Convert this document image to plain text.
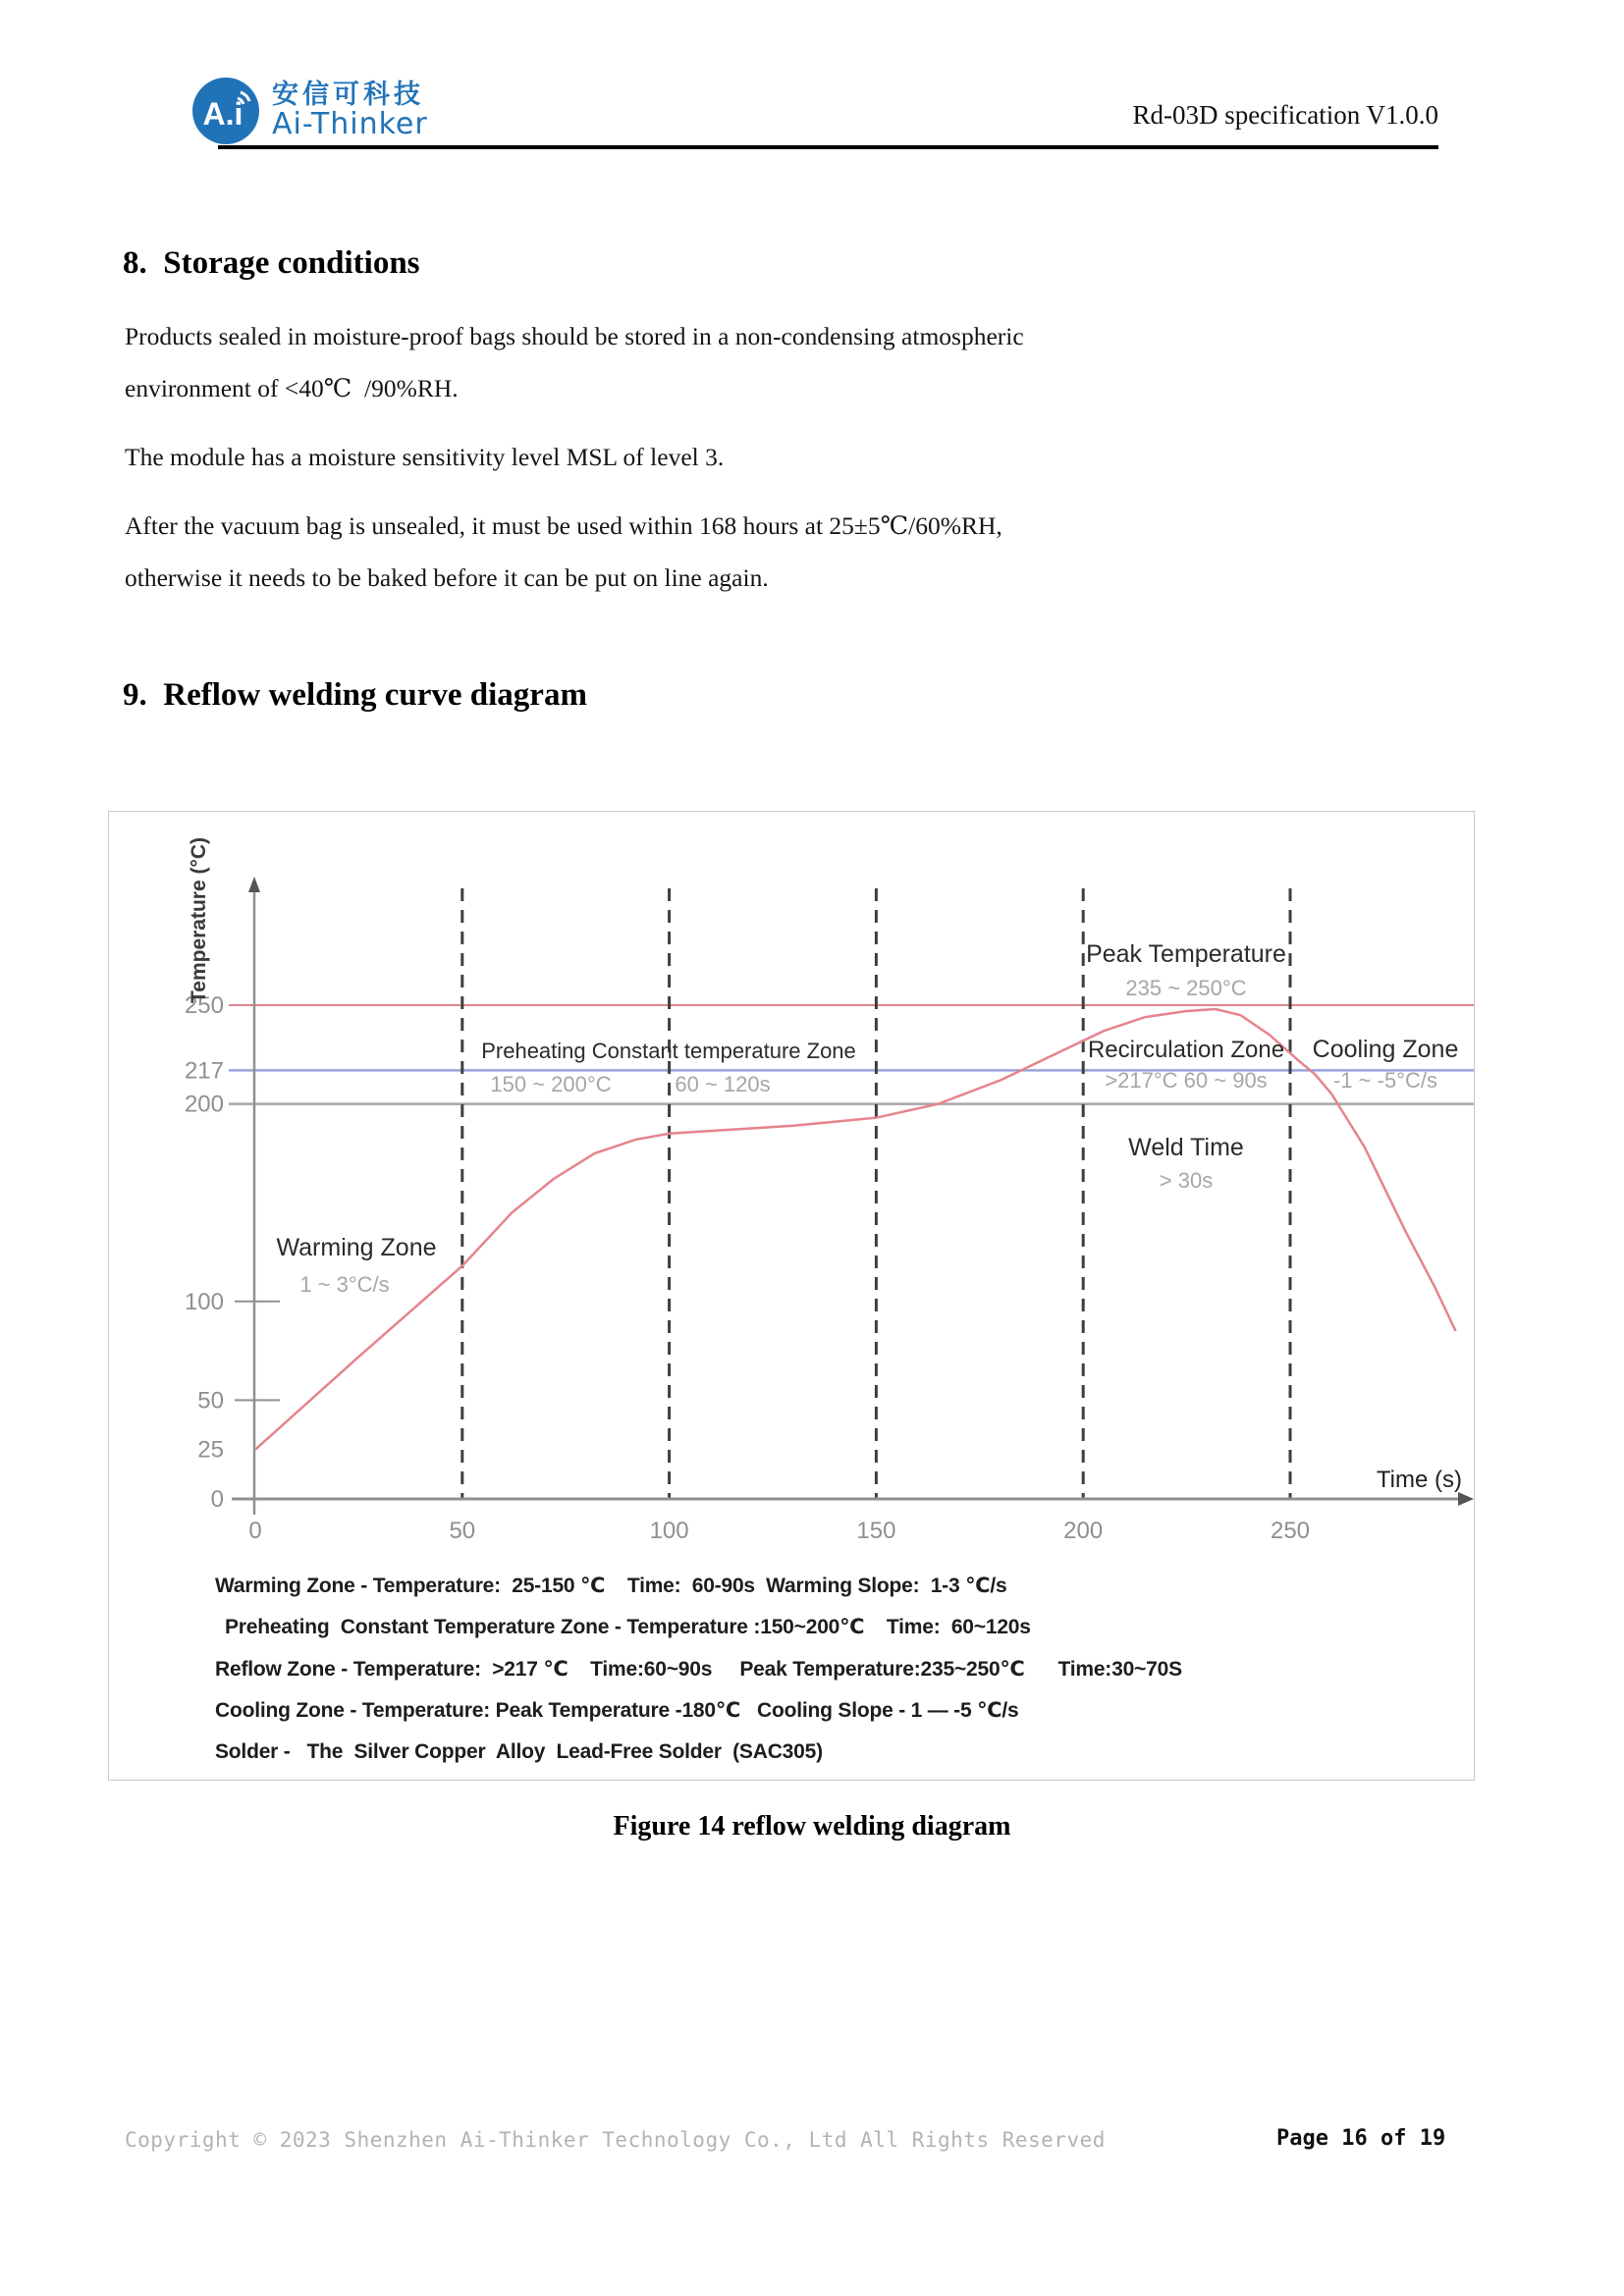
A.i
安信可科技
Ai-Thinker	Rd-03D specification V1.0.0
8.  Storage conditions
Products sealed in moisture-proof bags should be stored in a non-condensing atmospheric
environment of <40℃  /90%RH.
The module has a moisture sensitivity level MSL of level 3.
After the vacuum bag is unsealed, it must be used within 168 hours at 25±5℃/60%RH,
otherwise it needs to be baked before it can be put on line again.
9.  Reflow welding curve diagram
250
217
200
100
50
25
0
0	50	100	150	200	250
Temperature (°C)
Time (s)
Warming Zone
1 ~ 3°C/s
Preheating Constant temperature Zone
150 ~ 200°C	60 ~ 120s
Peak Temperature
235 ~ 250°C
Recirculation Zone
>217°C 60 ~ 90s
Cooling Zone
-1 ~ -5°C/s
Weld Time
> 30s
Warming Zone - Temperature:  25-150 ℃    Time:  60-90s  Warming Slope:  1-3 ℃/s
Preheating  Constant Temperature Zone - Temperature :150~200℃    Time:  60~120s
Reflow Zone - Temperature:  >217 ℃    Time:60~90s     Peak Temperature:235~250℃      Time:30~70S
Cooling Zone - Temperature: Peak Temperature -180℃   Cooling Slope - 1 — -5 ℃/s
Solder -   The  Silver Copper  Alloy  Lead-Free Solder  (SAC305)
Figure 14 reflow welding diagram
Copyright © 2023 Shenzhen Ai-Thinker Technology Co., Ltd All Rights Reserved	Page 16 of 19
